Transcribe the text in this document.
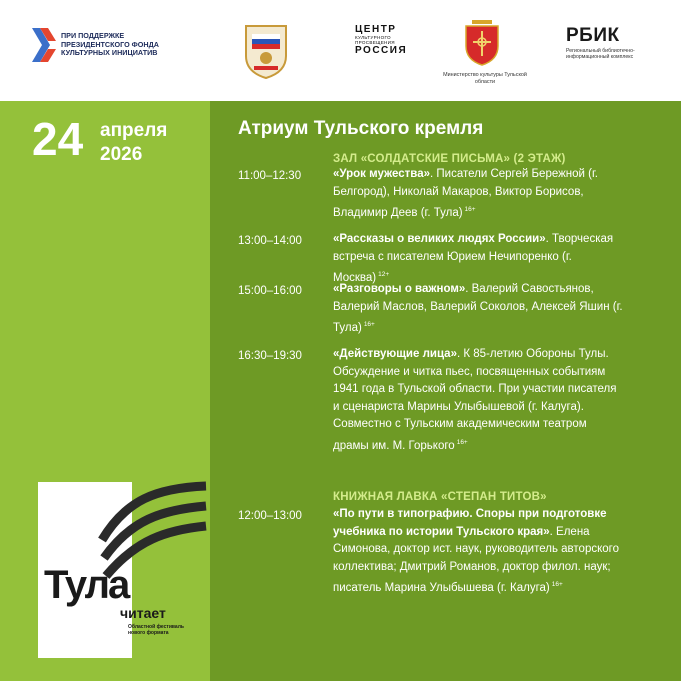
ПРИ ПОДДЕРЖКЕ ПРЕЗИДЕНТСКОГО ФОНДА КУЛЬТУРНЫХ ИНИЦИАТИВ
ЦЕНТР
КУЛЬТУРНОГО ПРОСВЕЩЕНИЯ
РОССИЯ
Министерство культуры Тульской области
РБИК
Региональный библиотечно-информационный комплекс
24 апреля
2026
Тула
читает
Областной фестиваль нового формата
Атриум Тульского кремля
ЗАЛ «СОЛДАТСКИЕ ПИСЬМА» (2 ЭТАЖ)
11:00–12:30	«Урок мужества». Писатели Сергей Бережной (г. Белгород), Николай Макаров, Виктор Борисов, Владимир Деев (г. Тула) $^{16+}$
13:00–14:00	«Рассказы о великих людях России». Творческая встреча с писателем Юрием Нечипоренко (г. Москва) $^{12+}$
15:00–16:00	«Разговоры о важном». Валерий Савостьянов, Валерий Маслов, Валерий Соколов, Алексей Яшин (г. Тула) $^{16+}$
16:30–19:30	«Действующие лица». К 85-летию Обороны Тулы. Обсуждение и читка пьес, посвященных событиям 1941 года в Тульской области. При участии писателя и сценариста Марины Улыбышевой (г. Калуга). Совместно с Тульским академическим театром драмы им. М. Горького $^{16+}$
КНИЖНАЯ ЛАВКА «СТЕПАН ТИТОВ»
12:00–13:00	«По пути в типографию. Споры при подготовке учебника по истории Тульского края». Елена Симонова, доктор ист. наук, руководитель авторского коллектива; Дмитрий Романов, доктор филол. наук; писатель Марина Улыбышева (г. Калуга) $^{16+}$
